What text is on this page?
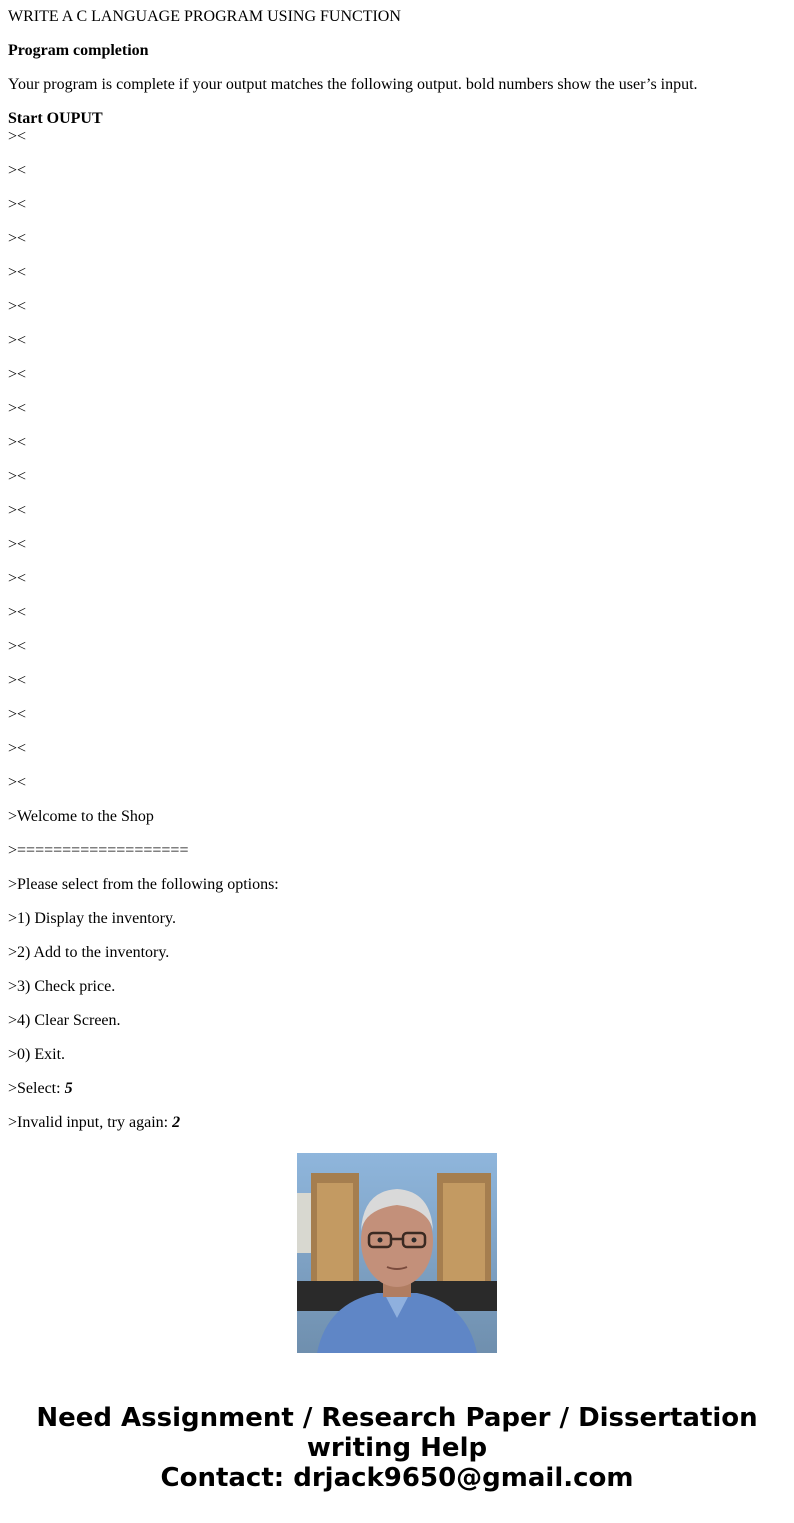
WRITE A C LANGUAGE PROGRAM USING FUNCTION

Program completion

Your program is complete if your output matches the following output. bold numbers show the user’s input.

Start OUPUT

><
><
><
><
><
><
><
><
><
><
><
><
><
><
><
><
><
><
><
><
>Welcome to the Shop
>===================
>Please select from the following options:
>1) Display the inventory.
>2) Add to the inventory.
>3) Check price.
>4) Clear Screen.
>0) Exit.
>Select: 5
>Invalid input, try again: 2
Need Assignment / Research Paper / Dissertation
writing Help
Contact: drjack9650@gmail.com
